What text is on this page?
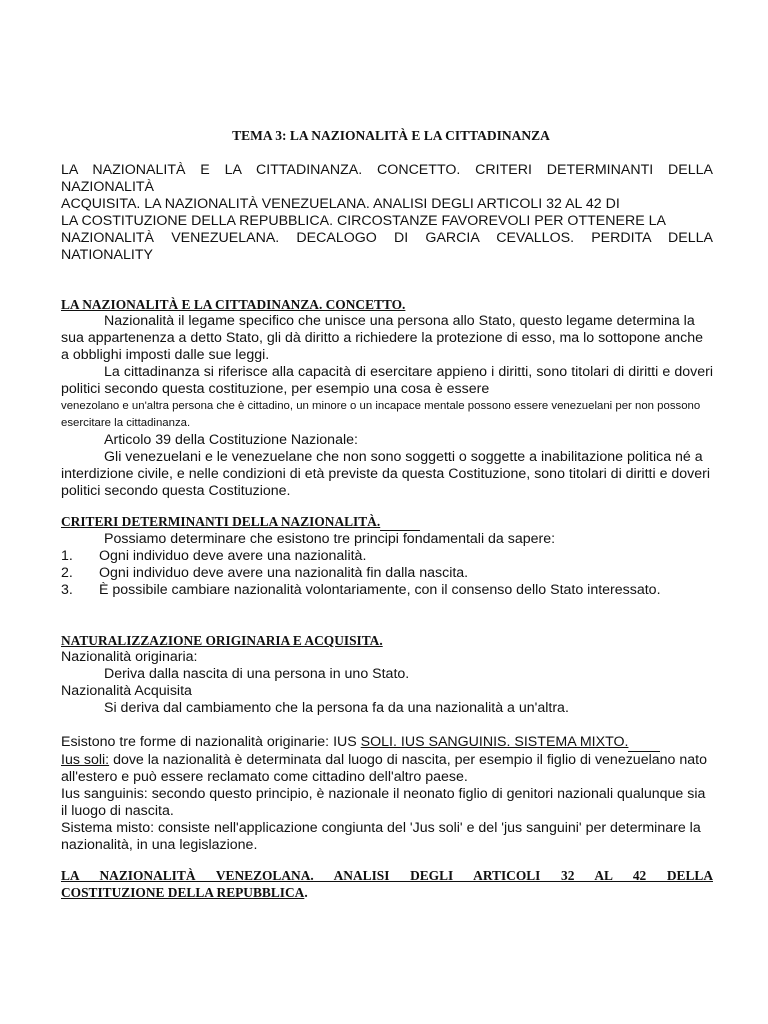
TEMA 3: LA NAZIONALITÀ E LA CITTADINANZA

LA NAZIONALITÀ E LA CITTADINANZA. CONCETTO. CRITERI DETERMINANTI DELLA

NAZIONALITÀ

ACQUISITA. LA NAZIONALITÀ VENEZUELANA. ANALISI DEGLI ARTICOLI 32 AL 42 DI

LA COSTITUZIONE DELLA REPUBBLICA. CIRCOSTANZE FAVOREVOLI PER OTTENERE LA

NAZIONALITÀ VENEZUELANA. DECALOGO DI GARCIA CEVALLOS. PERDITA DELLA

NATIONALITY

LA NAZIONALITÀ E LA CITTADINANZA. CONCETTO.

Nazionalità il legame specifico che unisce una persona allo Stato, questo legame determina la sua appartenenza a detto Stato, gli dà diritto a richiedere la protezione di esso, ma lo sottopone anche a obblighi imposti dalle sue leggi.

La cittadinanza si riferisce alla capacità di esercitare appieno i diritti, sono titolari di diritti e doveri politici secondo questa costituzione, per esempio una cosa è essere

venezolano e un'altra persona che è cittadino, un minore o un incapace mentale possono essere venezuelani per non possono esercitare la cittadinanza.

Articolo 39 della Costituzione Nazionale:

Gli venezuelani e le venezuelane che non sono soggetti o soggette a inabilitazione politica né a interdizione civile, e nelle condizioni di età previste da questa Costituzione, sono titolari di diritti e doveri politici secondo questa Costituzione.

CRITERI DETERMINANTI DELLA NAZIONALITÀ.

Possiamo determinare che esistono tre principi fondamentali da sapere:

1.	Ogni individuo deve avere una nazionalità.
2.	Ogni individuo deve avere una nazionalità fin dalla nascita.
3.	È possibile cambiare nazionalità volontariamente, con il consenso dello Stato interessato.

NATURALIZZAZIONE ORIGINARIA E ACQUISITA.

Nazionalità originaria:

Deriva dalla nascita di una persona in uno Stato.

Nazionalità Acquisita

Si deriva dal cambiamento che la persona fa da una nazionalità a un'altra.

Esistono tre forme di nazionalità originarie: IUS SOLI. IUS SANGUINIS. SISTEMA MIXTO.

Ius soli: dove la nazionalità è determinata dal luogo di nascita, per esempio il figlio di venezuelano nato all'estero e può essere reclamato come cittadino dell'altro paese.

Ius sanguinis: secondo questo principio, è nazionale il neonato figlio di genitori nazionali qualunque sia il luogo di nascita.

Sistema misto: consiste nell'applicazione congiunta del 'Jus soli' e del 'jus sanguini' per determinare la nazionalità, in una legislazione.

LA NAZIONALITÀ VENEZOLANA. ANALISI DEGLI ARTICOLI 32 AL 42 DELLA

COSTITUZIONE DELLA REPUBBLICA.
